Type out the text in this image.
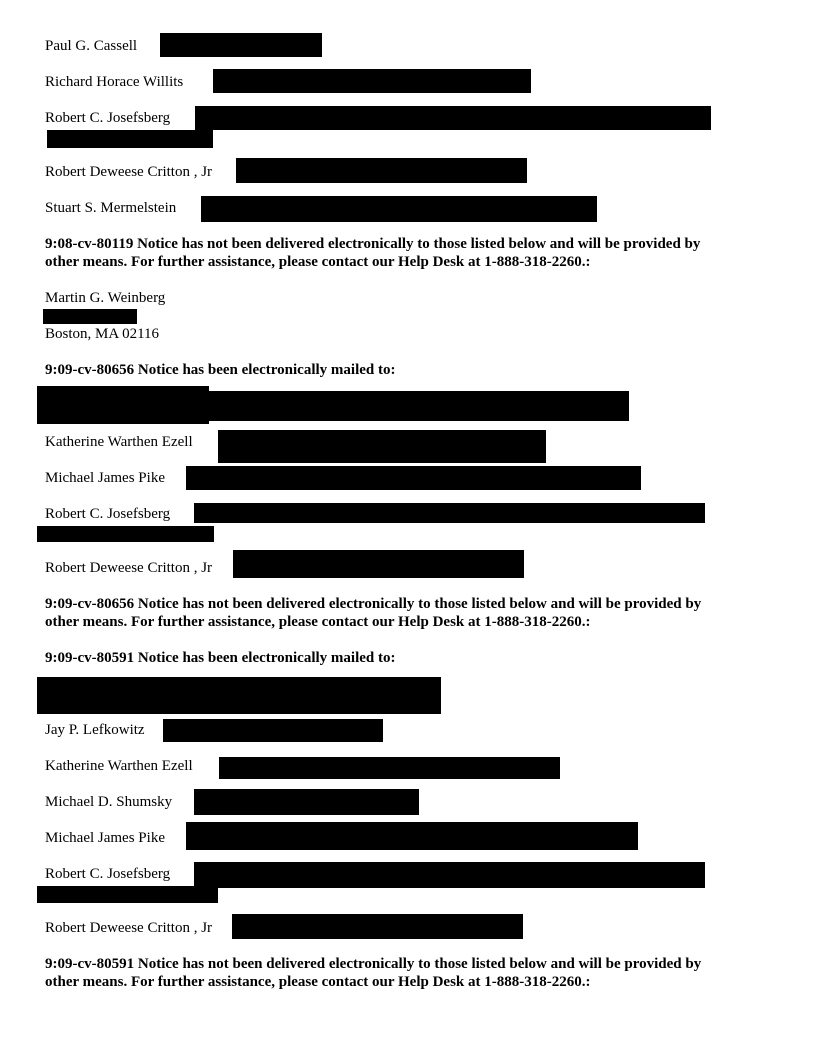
Paul G. Cassell
Richard Horace Willits
Robert C. Josefsberg
Robert Deweese Critton , Jr
Stuart S. Mermelstein
9:08-cv-80119 Notice has not been delivered electronically to those listed below and will be provided by
other means. For further assistance, please contact our Help Desk at 1-888-318-2260.:
Martin G. Weinberg
Boston, MA 02116
9:09-cv-80656 Notice has been electronically mailed to:
Katherine Warthen Ezell
Michael James Pike
Robert C. Josefsberg
Robert Deweese Critton , Jr
9:09-cv-80656 Notice has not been delivered electronically to those listed below and will be provided by
other means. For further assistance, please contact our Help Desk at 1-888-318-2260.:
9:09-cv-80591 Notice has been electronically mailed to:
Jay P. Lefkowitz
Katherine Warthen Ezell
Michael D. Shumsky
Michael James Pike
Robert C. Josefsberg
Robert Deweese Critton , Jr
9:09-cv-80591 Notice has not been delivered electronically to those listed below and will be provided by
other means. For further assistance, please contact our Help Desk at 1-888-318-2260.:
